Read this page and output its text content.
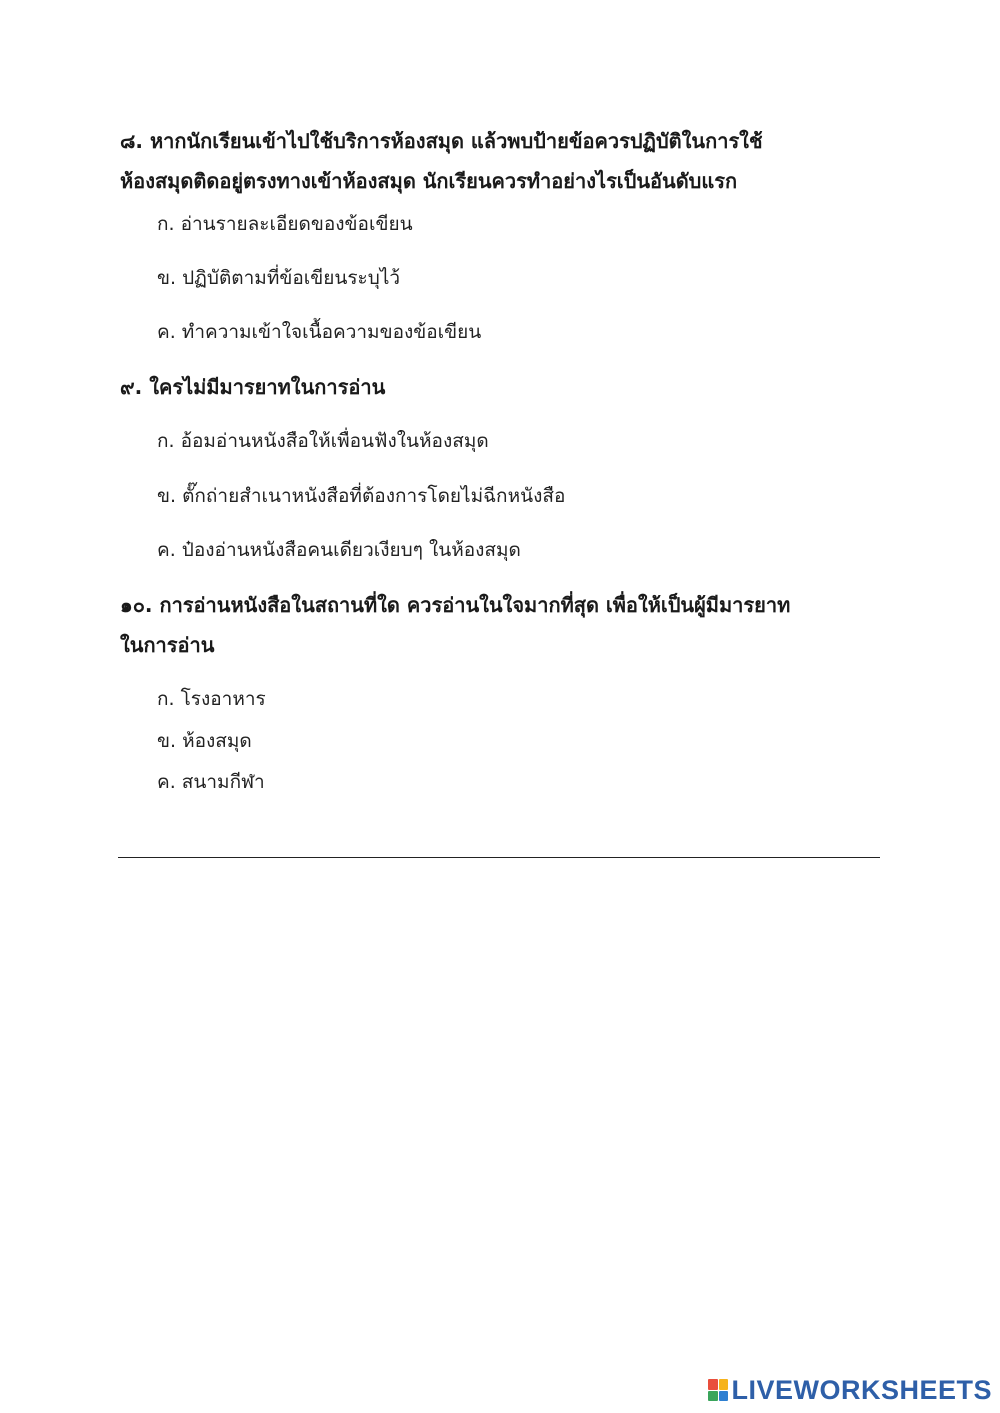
๘. หากนักเรียนเข้าไปใช้บริการห้องสมุด แล้วพบป้ายข้อควรปฏิบัติในการใช้
ห้องสมุดติดอยู่ตรงทางเข้าห้องสมุด นักเรียนควรทำอย่างไรเป็นอันดับแรก
ก. อ่านรายละเอียดของข้อเขียน
ข. ปฏิบัติตามที่ข้อเขียนระบุไว้
ค. ทำความเข้าใจเนื้อความของข้อเขียน
๙. ใครไม่มีมารยาทในการอ่าน
ก. อ้อมอ่านหนังสือให้เพื่อนฟังในห้องสมุด
ข. ตั๊กถ่ายสำเนาหนังสือที่ต้องการโดยไม่ฉีกหนังสือ
ค. ป๋องอ่านหนังสือคนเดียวเงียบๆ ในห้องสมุด
๑๐. การอ่านหนังสือในสถานที่ใด ควรอ่านในใจมากที่สุด เพื่อให้เป็นผู้มีมารยาท
ในการอ่าน
ก. โรงอาหาร
ข. ห้องสมุด
ค. สนามกีฬา
LIVEWORKSHEETS
